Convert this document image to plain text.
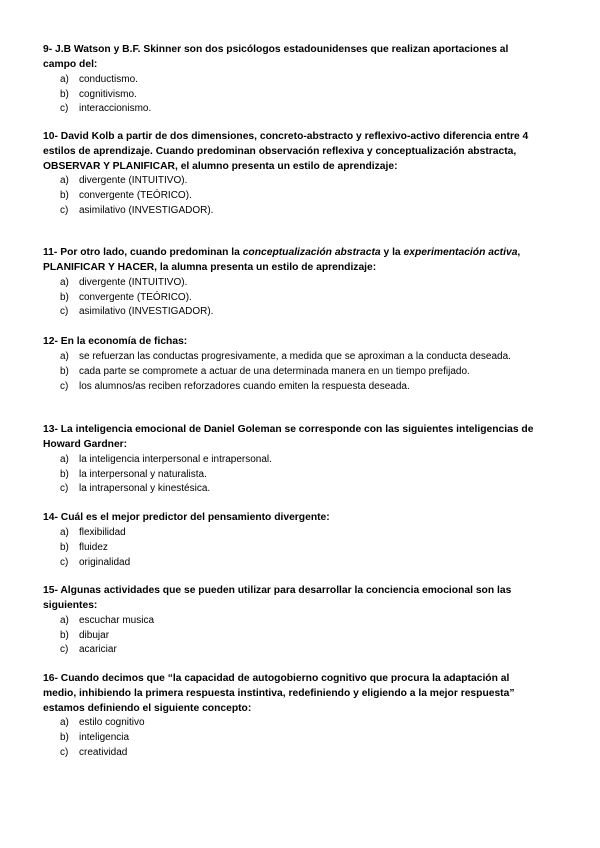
9- J.B Watson y B.F. Skinner son dos psicólogos estadounidenses que realizan aportaciones al campo del:

a) conductismo.
b) cognitivismo.
c) interaccionismo.

10- David Kolb a partir de dos dimensiones, concreto-abstracto y reflexivo-activo diferencia entre 4 estilos de aprendizaje. Cuando predominan observación reflexiva y conceptualización abstracta, OBSERVAR Y PLANIFICAR, el alumno presenta un estilo de aprendizaje:

a) divergente (INTUITIVO).
b) convergente (TEÓRICO).
c) asimilativo (INVESTIGADOR).

11- Por otro lado, cuando predominan la conceptualización abstracta y la experimentación activa, PLANIFICAR Y HACER, la alumna presenta un estilo de aprendizaje:

a) divergente (INTUITIVO).
b) convergente (TEÓRICO).
c) asimilativo (INVESTIGADOR).

12- En la economía de fichas:

a) se refuerzan las conductas progresivamente, a medida que se aproximan a la conducta deseada.
b) cada parte se compromete a actuar de una determinada manera en un tiempo prefijado.
c) los alumnos/as reciben reforzadores cuando emiten la respuesta deseada.

13- La inteligencia emocional de Daniel Goleman se corresponde con las siguientes inteligencias de Howard Gardner:

a) la inteligencia interpersonal e intrapersonal.
b) la interpersonal y naturalista.
c) la intrapersonal y kinestésica.

14- Cuál es el mejor predictor del pensamiento divergente:

a) flexibilidad
b) fluidez
c) originalidad

15- Algunas actividades que se pueden utilizar para desarrollar la conciencia emocional son las siguientes:

a) escuchar musica
b) dibujar
c) acariciar

16- Cuando decimos que “la capacidad de autogobierno cognitivo que procura la adaptación al medio, inhibiendo la primera respuesta instintiva, redefiniendo y eligiendo a la mejor respuesta” estamos definiendo el siguiente concepto:

a) estilo cognitivo
b) inteligencia
c) creatividad
